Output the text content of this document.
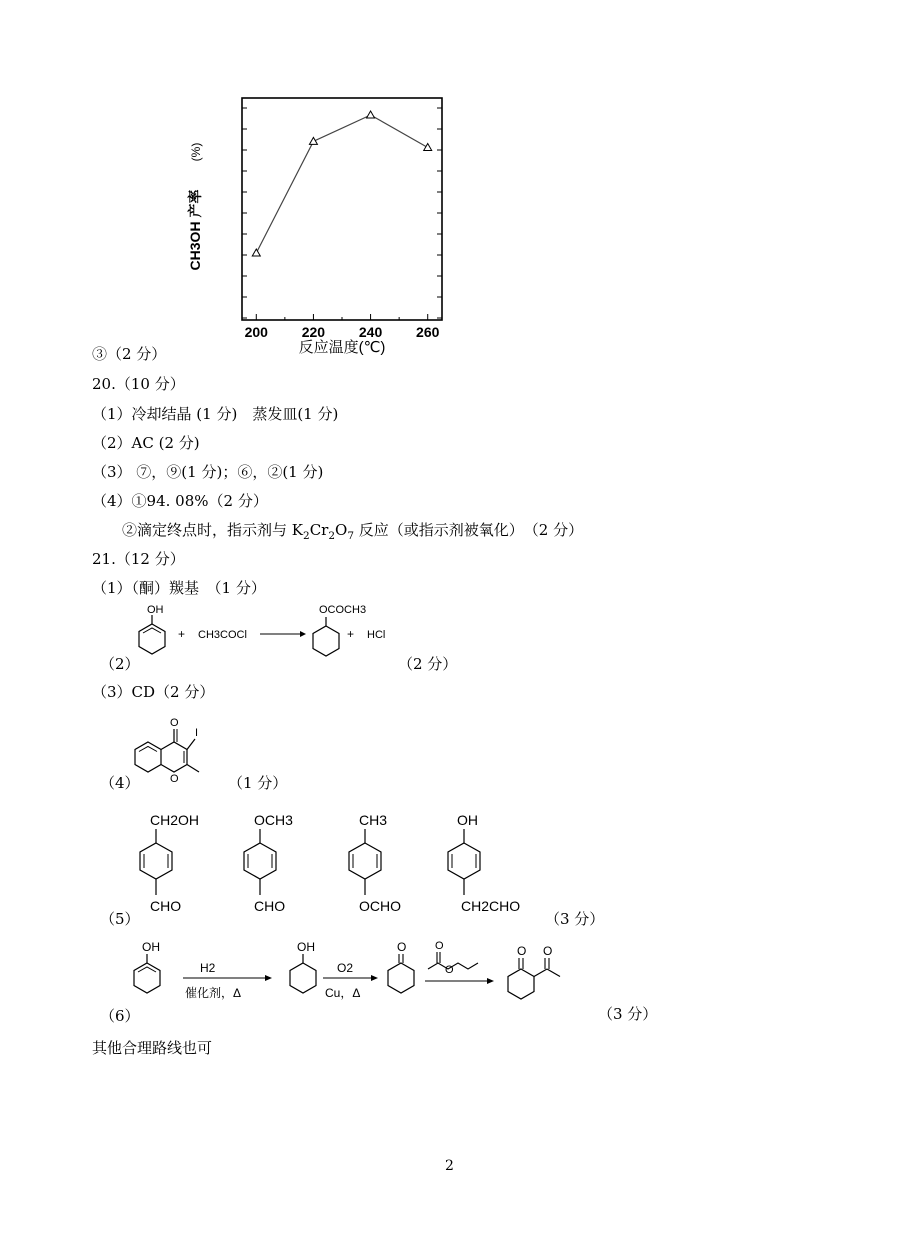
200 220 240 260
CH3OH 产率
(%)
反应温度(℃)
③（2 分）
20.（10 分）
（1）冷却结晶 (1 分)　蒸发皿(1 分)
（2）AC (2 分)
（3） ⑦，⑨(1 分)；⑥，②(1 分)
（4）①94. 08%（2 分）
②滴定终点时，指示剂与 $K_2Cr_2O_7$ 反应（或指示剂被氧化）　（2 分）
21.（12 分）
（1）（酮）羰基　（1 分）
（2）
OH
+ CH3COCl
OCOCH3
+ HCl
（2 分）
（3）CD（2 分）
（4）
O
O
I
（1 分）
（5）
CH2OH
CHO
OCH3
CHO
CH3
OCHO
OH
CH2CHO
（3 分）
（6）
OH
H2
催化剂，Δ
OH
O2
Cu，Δ
O	O
O
O O
（3 分）
其他合理路线也可
2
